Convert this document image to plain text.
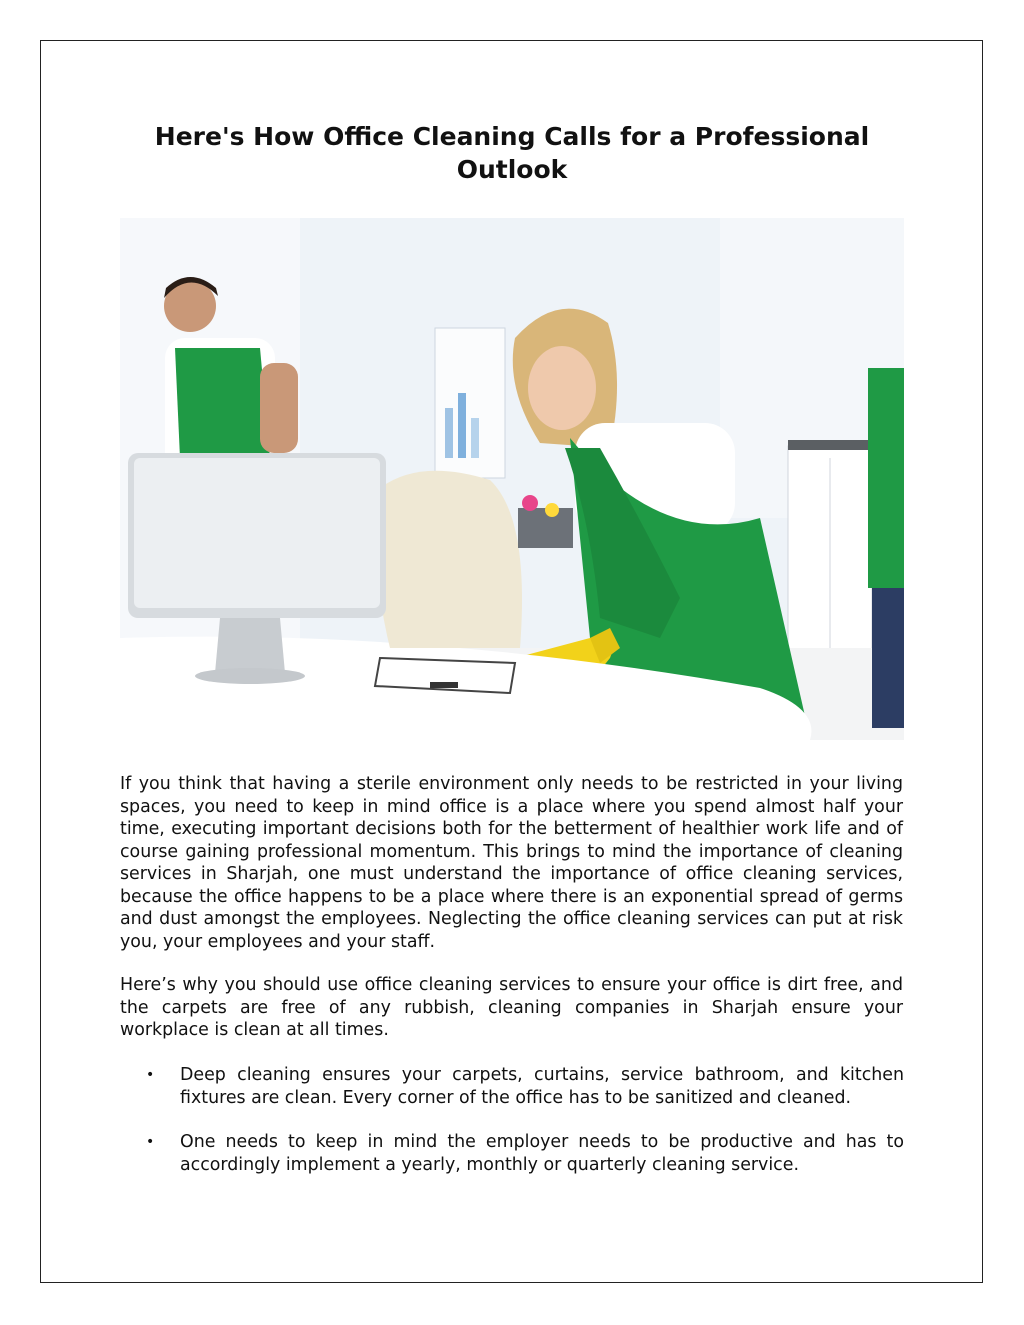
Here's How Office Cleaning Calls for a Professional Outlook

If you think that having a sterile environment only needs to be restricted in your living spaces, you need to keep in mind office is a place where you spend almost half your time, executing important decisions both for the betterment of healthier work life and of course gaining professional momentum. This brings to mind the importance of cleaning services in Sharjah, one must understand the importance of office cleaning services, because the office happens to be a place where there is an exponential spread of germs and dust amongst the employees. Neglecting the office cleaning services can put at risk you, your employees and your staff.

Here’s why you should use office cleaning services to ensure your office is dirt free, and the carpets are free of any rubbish, cleaning companies in Sharjah ensure your workplace is clean at all times.

• Deep cleaning ensures your carpets, curtains, service bathroom, and kitchen fixtures are clean. Every corner of the office has to be sanitized and cleaned.
• One needs to keep in mind the employer needs to be productive and has to accordingly implement a yearly, monthly or quarterly cleaning service.
